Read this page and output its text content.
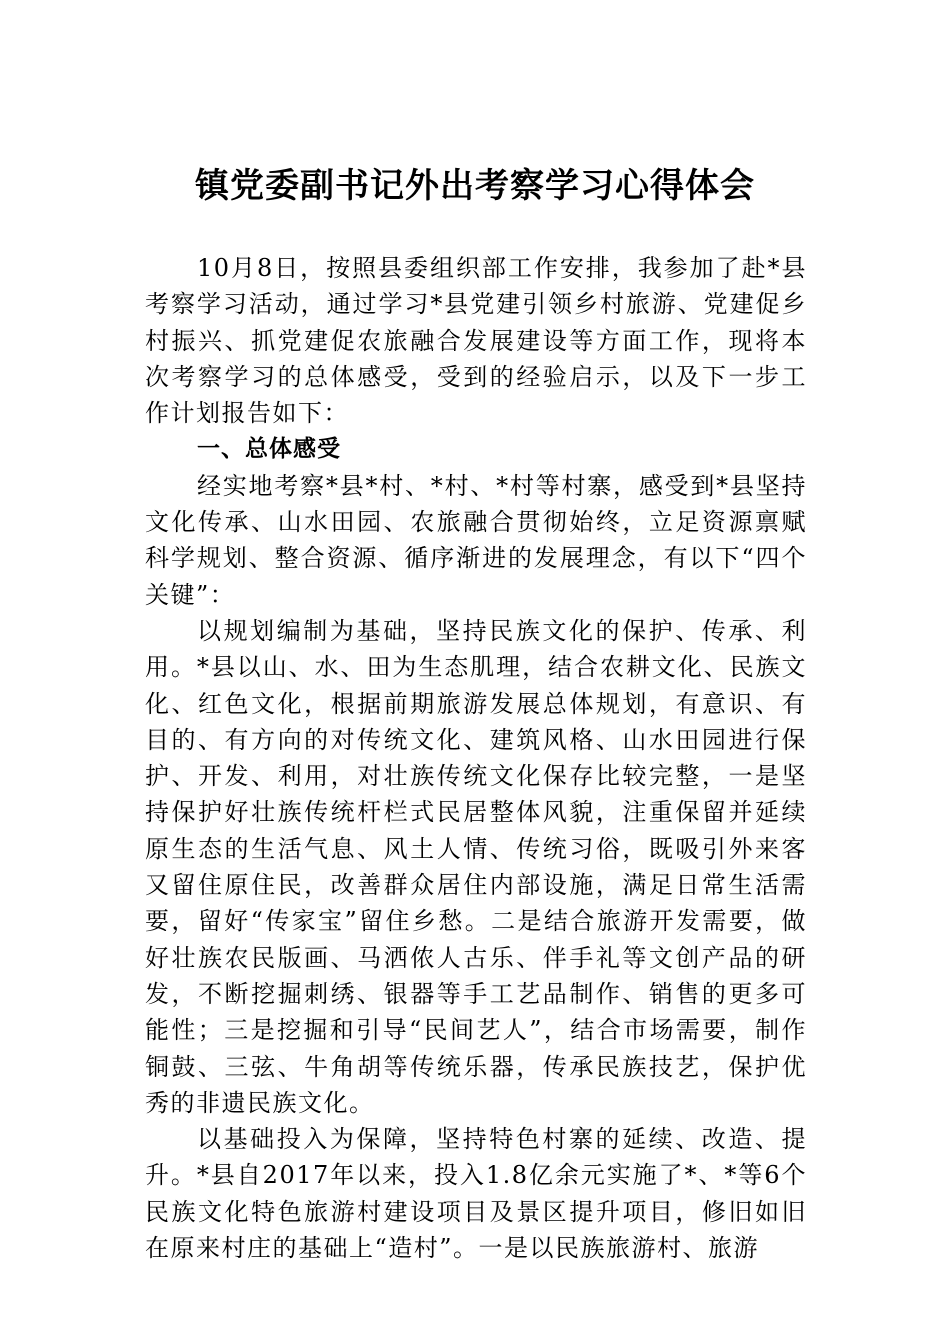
镇党委副书记外出考察学习心得体会

10月8日，按照县委组织部工作安排，我参加了赴*县考察学习活动，通过学习*县党建引领乡村旅游、党建促乡村振兴、抓党建促农旅融合发展建设等方面工作，现将本次考察学习的总体感受，受到的经验启示，以及下一步工作计划报告如下：

一、总体感受

经实地考察*县*村、*村、*村等村寨，感受到*县坚持文化传承、山水田园、农旅融合贯彻始终，立足资源禀赋科学规划、整合资源、循序渐进的发展理念，有以下“四个关键”：

以规划编制为基础，坚持民族文化的保护、传承、利用。*县以山、水、田为生态肌理，结合农耕文化、民族文化、红色文化，根据前期旅游发展总体规划，有意识、有目的、有方向的对传统文化、建筑风格、山水田园进行保护、开发、利用，对壮族传统文化保存比较完整，一是坚持保护好壮族传统杆栏式民居整体风貌，注重保留并延续原生态的生活气息、风土人情、传统习俗，既吸引外来客又留住原住民，改善群众居住内部设施，满足日常生活需要，留好“传家宝”留住乡愁。二是结合旅游开发需要，做好壮族农民版画、马洒侬人古乐、伴手礼等文创产品的研发，不断挖掘刺绣、银器等手工艺品制作、销售的更多可能性；三是挖掘和引导“民间艺人”，结合市场需要，制作铜鼓、三弦、牛角胡等传统乐器，传承民族技艺，保护优秀的非遗民族文化。

以基础投入为保障，坚持特色村寨的延续、改造、提升。*县自2017年以来，投入1.8亿余元实施了*、*等6个民族文化特色旅游村建设项目及景区提升项目，修旧如旧在原来村庄的基础上“造村”。一是以民族旅游村、旅游
